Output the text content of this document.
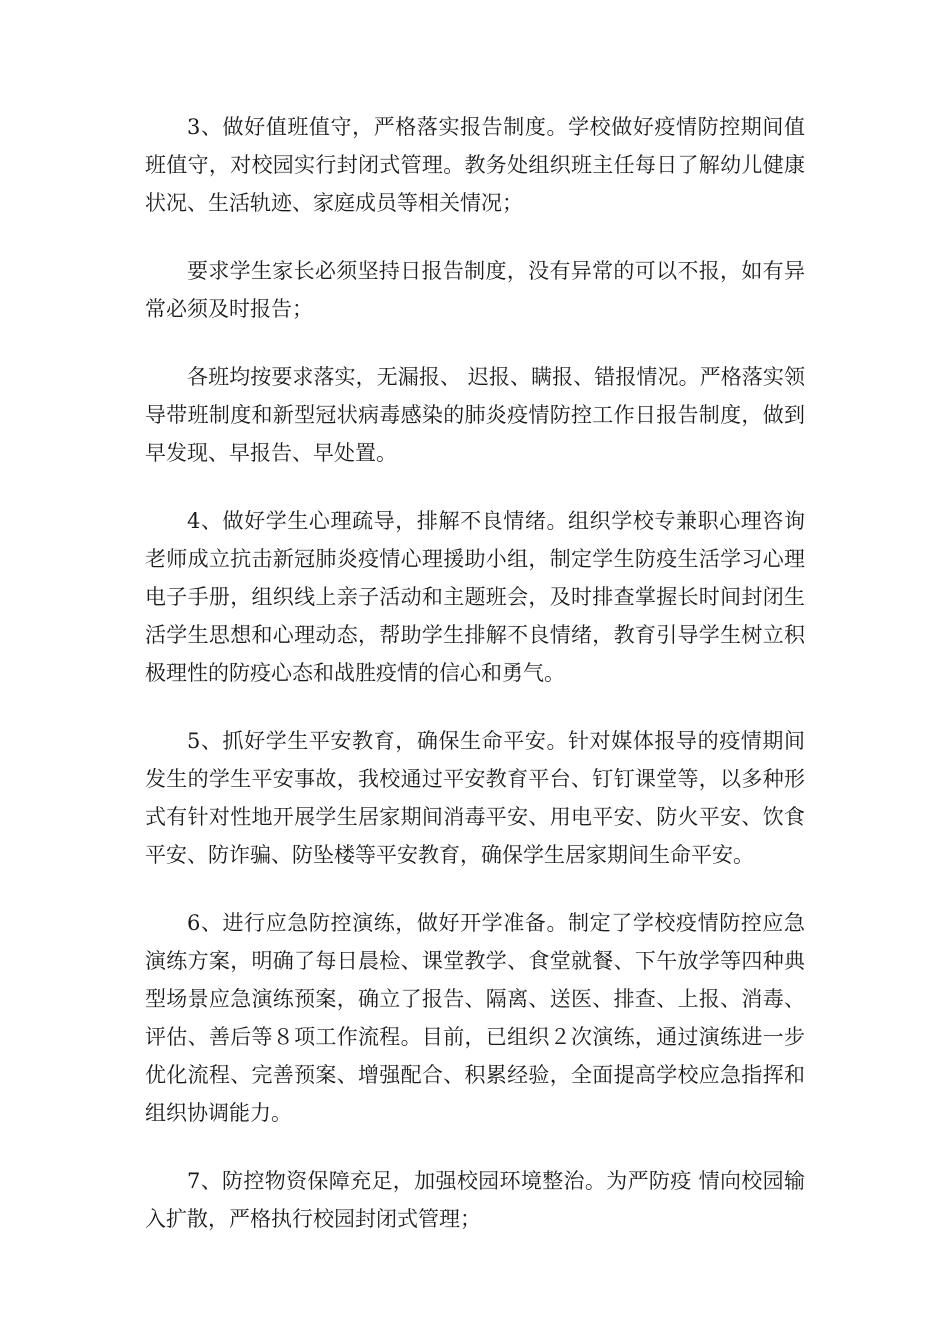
3、做好值班值守，严格落实报告制度。学校做好疫情防控期间值班值守，对校园实行封闭式管理。教务处组织班主任每日了解幼儿健康状况、生活轨迹、家庭成员等相关情况；

要求学生家长必须坚持日报告制度，没有异常的可以不报，如有异常必须及时报告；

各班均按要求落实，无漏报、 迟报、瞒报、错报情况。严格落实领导带班制度和新型冠状病毒感染的肺炎疫情防控工作日报告制度，做到早发现、早报告、早处置。

4、做好学生心理疏导，排解不良情绪。组织学校专兼职心理咨询老师成立抗击新冠肺炎疫情心理援助小组，制定学生防疫生活学习心理电子手册，组织线上亲子活动和主题班会，及时排查掌握长时间封闭生活学生思想和心理动态，帮助学生排解不良情绪，教育引导学生树立积极理性的防疫心态和战胜疫情的信心和勇气。

5、抓好学生平安教育，确保生命平安。针对媒体报导的疫情期间发生的学生平安事故，我校通过平安教育平台、钉钉课堂等，以多种形式有针对性地开展学生居家期间消毒平安、用电平安、防火平安、饮食平安、防诈骗、防坠楼等平安教育，确保学生居家期间生命平安。

6、进行应急防控演练，做好开学准备。制定了学校疫情防控应急演练方案，明确了每日晨检、课堂教学、食堂就餐、下午放学等四种典型场景应急演练预案，确立了报告、隔离、送医、排查、上报、消毒、评估、善后等８项工作流程。目前，已组织２次演练，通过演练进一步优化流程、完善预案、增强配合、积累经验，全面提高学校应急指挥和组织协调能力。

7、防控物资保障充足，加强校园环境整治。为严防疫 情向校园输入扩散，严格执行校园封闭式管理；
